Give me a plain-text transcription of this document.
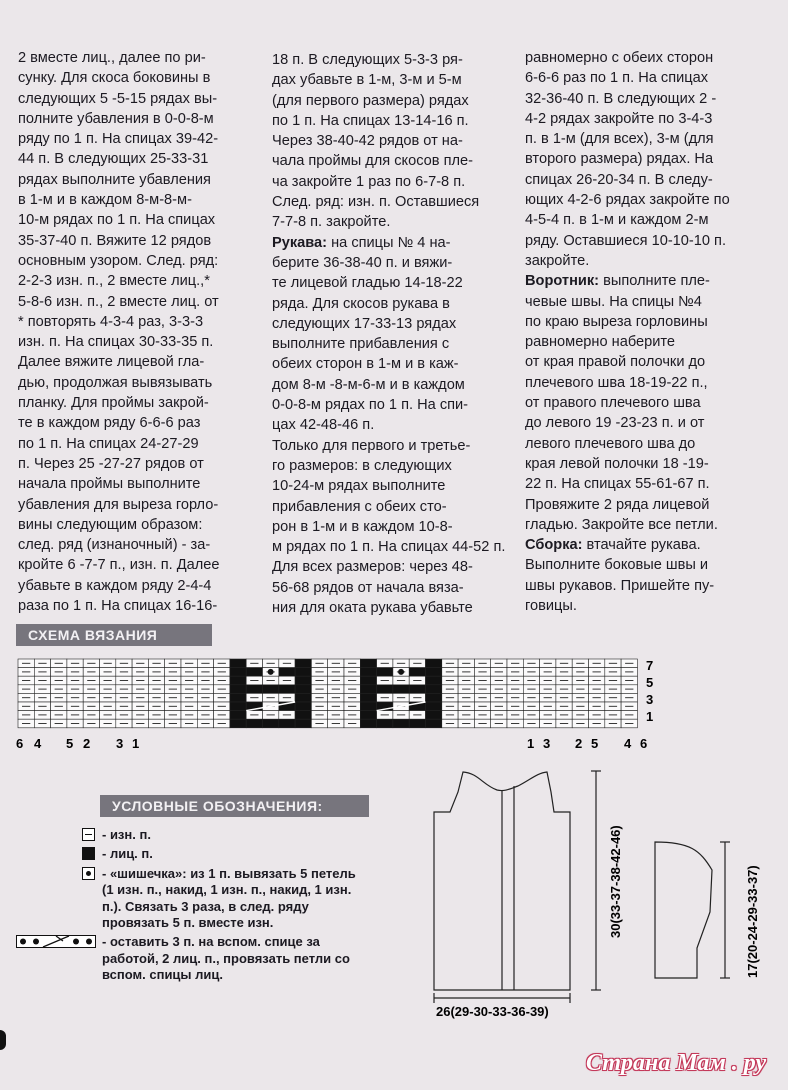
2 вместе лиц., далее по ри-
сунку. Для скоса боковины в
следующих 5 -5-15 рядах вы-
полните убавления в 0-0-8-м
ряду по 1 п. На спицах 39-42-
44 п. В следующих 25-33-31
рядах выполните убавления
в 1-м и в каждом 8-м-8-м-
10-м рядах по 1 п. На спицах
35-37-40 п. Вяжите 12 рядов
основным узором. След. ряд:
2-2-3 изн. п., 2 вместе лиц.,*
5-8-6 изн. п., 2 вместе лиц. от
* повторять 4-3-4 раз, 3-3-3
изн. п. На спицах 30-33-35 п.
Далее вяжите лицевой гла-
дью, продолжая вывязывать
планку. Для проймы закрой-
те в каждом ряду 6-6-6 раз
по 1 п. На спицах 24-27-29
п. Через 25 -27-27 рядов от
начала проймы выполните
убавления для выреза горло-
вины следующим образом:
след. ряд (изнаночный) - за-
кройте 6 -7-7 п., изн. п. Далее
убавьте в каждом ряду 2-4-4
раза по 1 п. На спицах 16-16-

18 п. В следующих 5-3-3 ря-
дах убавьте в 1-м, 3-м и 5-м
(для первого размера) рядах
по 1 п. На спицах 13-14-16 п.
Через 38-40-42 рядов от на-
чала проймы для скосов пле-
ча закройте 1 раз по 6-7-8 п.
След. ряд: изн. п. Оставшиеся
7-7-8 п. закройте.

Рукава: на спицы № 4 на-
берите 36-38-40 п. и вяжи-
те лицевой гладью 14-18-22
ряда. Для скосов рукава в
следующих 17-33-13 рядах
выполните прибавления с
обеих сторон в 1-м и в каж-
дом 8-м -8-м-6-м и в каждом
0-0-8-м рядах по 1 п. На спи-
цах 42-48-46 п.
Только для первого и третье-
го размеров: в следующих
10-24-м рядах выполните
прибавления с обеих сто-
рон в 1-м и в каждом 10-8-
м рядах по 1 п. На спицах 44-52 п.
Для всех размеров: через 48-
56-68 рядов от начала вяза-
ния для оката рукава убавьте

равномерно с обеих сторон
6-6-6 раз по 1 п. На спицах
32-36-40 п. В следующих 2 -
4-2 рядах закройте по 3-4-3
п. в 1-м (для всех), 3-м (для
второго размера) рядах. На
спицах 26-20-34 п. В следу-
ющих 4-2-6 рядах закройте по
4-5-4 п. в 1-м и каждом 2-м
ряду. Оставшиеся 10-10-10 п.
закройте.

Воротник: выполните пле-
чевые швы. На спицы №4
по краю выреза горловины
равномерно наберите
от края правой полочки до
плечевого шва 18-19-22 п.,
от правого плечевого шва
до левого 19 -23-23 п. и от
левого плечевого шва до
края левой полочки 18 -19-
22 п. На спицах 55-61-67 п.
Провяжите 2 ряда лицевой
гладью. Закройте все петли.

Сборка: втачайте рукава.
Выполните боковые швы и
швы рукавов. Пришейте пу-
говицы.

СХЕМА ВЯЗАНИЯ
УСЛОВНЫЕ ОБОЗНАЧЕНИЯ:
7
5
3
1
6 4 5 2 3 1	1 3 2 5 4 6
26(29-30-33-36-39)
30(33-37-38-42-46)	17(20-24-29-33-37)
- изн. п.
- лиц. п.
- «шишечка»: из 1 п. вывязать 5 петель (1 изн. п., накид, 1 изн. п., накид, 1 изн. п.). Связать 3 раза, в след. ряду провязать 5 п. вместе изн.
- оставить 3 п. на вспом. спице за работой, 2 лиц. п., провязать петли со вспом. спицы лиц.
Страна Мам . ру
